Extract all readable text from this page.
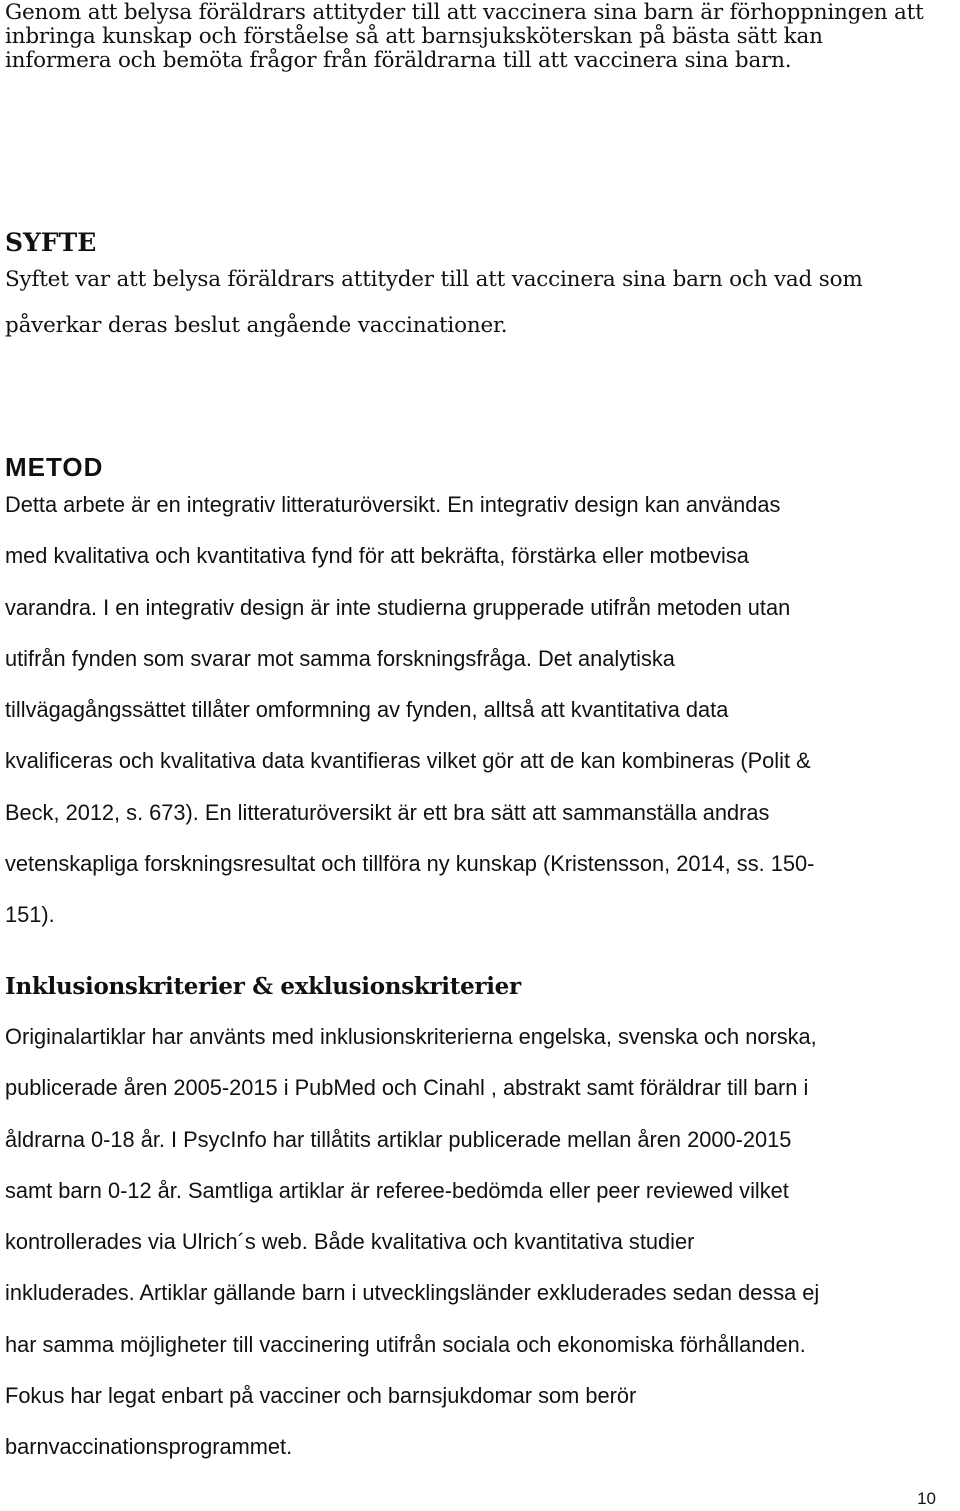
Genom att belysa föräldrars attityder till att vaccinera sina barn är förhoppningen att
inbringa kunskap och förståelse så att barnsjuksköterskan på bästa sätt kan
informera och bemöta frågor från föräldrarna till att vaccinera sina barn.

SYFTE

Syftet var att belysa föräldrars attityder till att vaccinera sina barn och vad som
påverkar deras beslut angående vaccinationer.

METOD

Detta arbete är en integrativ litteraturöversikt. En integrativ design kan användas
med kvalitativa och kvantitativa fynd för att bekräfta, förstärka eller motbevisa
varandra. I en integrativ design är inte studierna grupperade utifrån metoden utan
utifrån fynden som svarar mot samma forskningsfråga. Det analytiska
tillvägagångssättet tillåter omformning av fynden, alltså att kvantitativa data
kvalificeras och kvalitativa data kvantifieras vilket gör att de kan kombineras (Polit &
Beck, 2012, s. 673). En litteraturöversikt är ett bra sätt att sammanställa andras
vetenskapliga forskningsresultat och tillföra ny kunskap (Kristensson, 2014, ss. 150-
151).

Inklusionskriterier & exklusionskriterier

Originalartiklar har använts med inklusionskriterierna engelska, svenska och norska,
publicerade åren 2005-2015 i PubMed och Cinahl , abstrakt samt föräldrar till barn i
åldrarna 0-18 år. I PsycInfo har tillåtits artiklar publicerade mellan åren 2000-2015
samt barn 0-12 år. Samtliga artiklar är referee-bedömda eller peer reviewed vilket
kontrollerades via Ulrich´s web. Både kvalitativa och kvantitativa studier
inkluderades. Artiklar gällande barn i utvecklingsländer exkluderades sedan dessa ej
har samma möjligheter till vaccinering utifrån sociala och ekonomiska förhållanden.
Fokus har legat enbart på vacciner och barnsjukdomar som berör
barnvaccinationsprogrammet.

10
